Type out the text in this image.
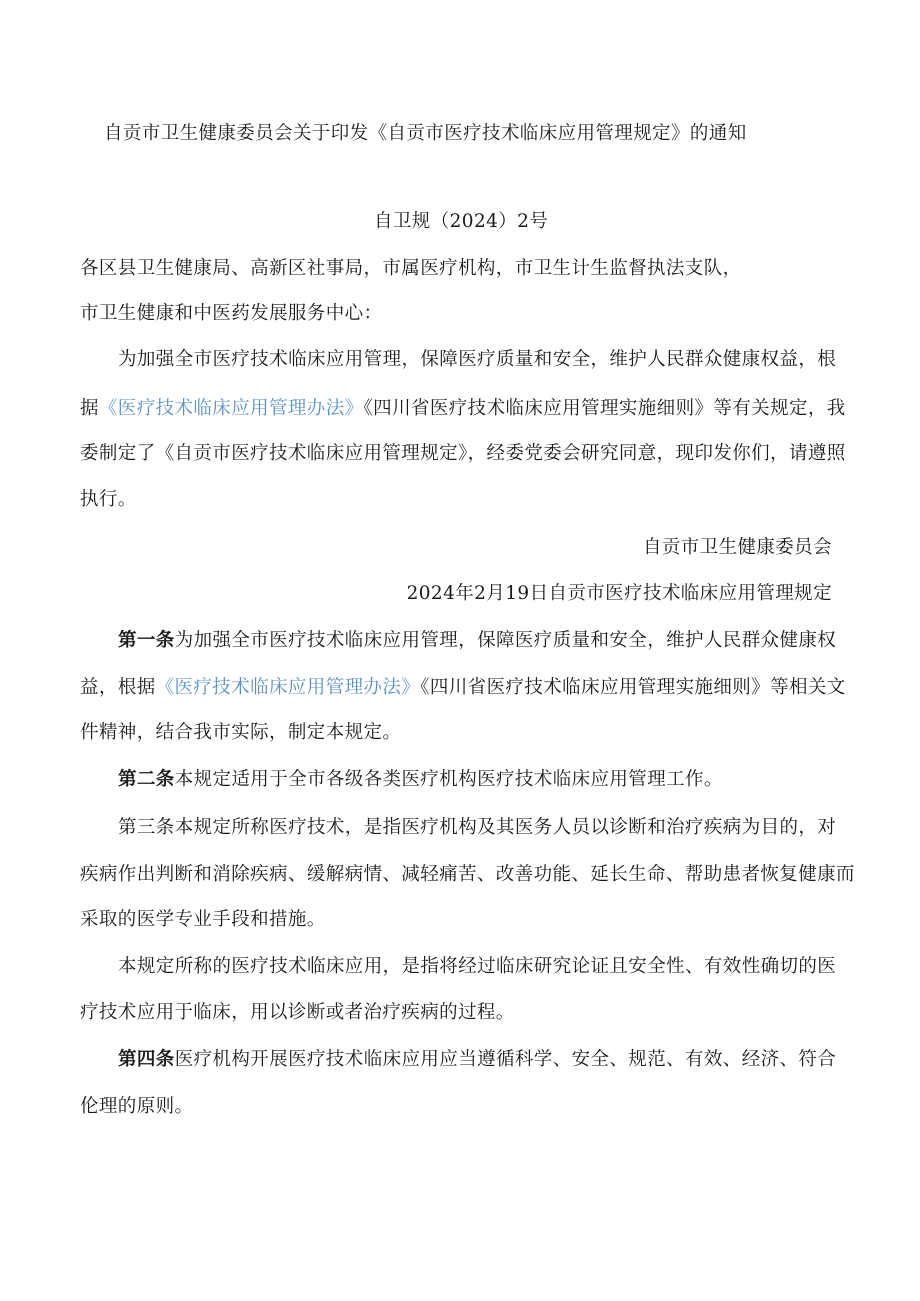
自贡市卫生健康委员会关于印发《自贡市医疗技术临床应用管理规定》的通知
自卫规（2024）2号
各区县卫生健康局、高新区社事局，市属医疗机构，市卫生计生监督执法支队，
市卫生健康和中医药发展服务中心：
为加强全市医疗技术临床应用管理，保障医疗质量和安全，维护人民群众健康权益，根
据《医疗技术临床应用管理办法》《四川省医疗技术临床应用管理实施细则》等有关规定，我
委制定了《自贡市医疗技术临床应用管理规定》，经委党委会研究同意，现印发你们，请遵照
执行。
自贡市卫生健康委员会
2024年2月19日自贡市医疗技术临床应用管理规定
第一条为加强全市医疗技术临床应用管理，保障医疗质量和安全，维护人民群众健康权
益，根据《医疗技术临床应用管理办法》《四川省医疗技术临床应用管理实施细则》等相关文
件精神，结合我市实际，制定本规定。
第二条本规定适用于全市各级各类医疗机构医疗技术临床应用管理工作。
第三条本规定所称医疗技术，是指医疗机构及其医务人员以诊断和治疗疾病为目的，对
疾病作出判断和消除疾病、缓解病情、减轻痛苦、改善功能、延长生命、帮助患者恢复健康而
采取的医学专业手段和措施。
本规定所称的医疗技术临床应用，是指将经过临床研究论证且安全性、有效性确切的医
疗技术应用于临床，用以诊断或者治疗疾病的过程。
第四条医疗机构开展医疗技术临床应用应当遵循科学、安全、规范、有效、经济、符合
伦理的原则。
